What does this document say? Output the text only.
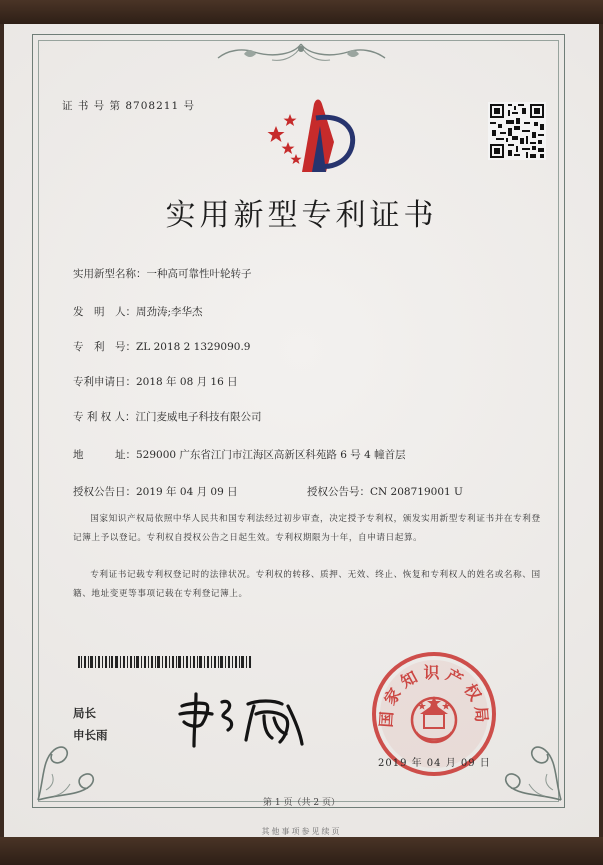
证 书 号 第 8708211 号
实用新型专利证书
实用新型名称：一种高可靠性叶轮转子
发　明　人：周劲涛;李华杰
专　利　号：ZL 2018 2 1329090.9
专利申请日：2018 年 08 月 16 日
专 利 权 人：江门麦威电子科技有限公司
地　　　址：529000 广东省江门市江海区高新区科苑路 6 号 4 幢首层
授权公告日：2019 年 04 月 09 日	授权公告号：CN 208719001 U
国家知识产权局依照中华人民共和国专利法经过初步审查，决定授予专利权，颁发实用新型专利证书并在专利登记簿上予以登记。专利权自授权公告之日起生效。专利权期限为十年，自申请日起算。
专利证书记载专利权登记时的法律状况。专利权的转移、质押、无效、终止、恢复和专利权人的姓名或名称、国籍、地址变更等事项记载在专利登记簿上。
局长
申长雨
国家知识产权局
2019 年 04 月 09 日
第 1 页（共 2 页）
其他事项参见续页
